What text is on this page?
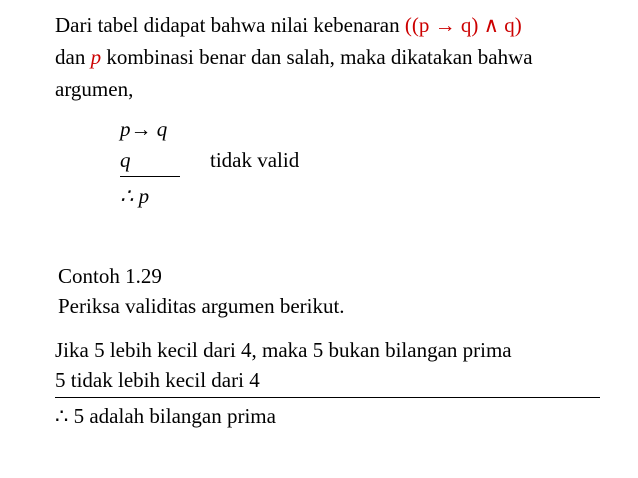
Dari tabel didapat bahwa nilai kebenaran ((p → q) ∧ q)
dan p kombinasi benar dan salah, maka dikatakan bahwa
argumen,
p→ q
q	tidak valid
∴ p
Contoh 1.29
Periksa validitas argumen berikut.
Jika 5 lebih kecil dari 4, maka 5 bukan bilangan prima
5 tidak lebih kecil dari 4
∴ 5 adalah bilangan prima
